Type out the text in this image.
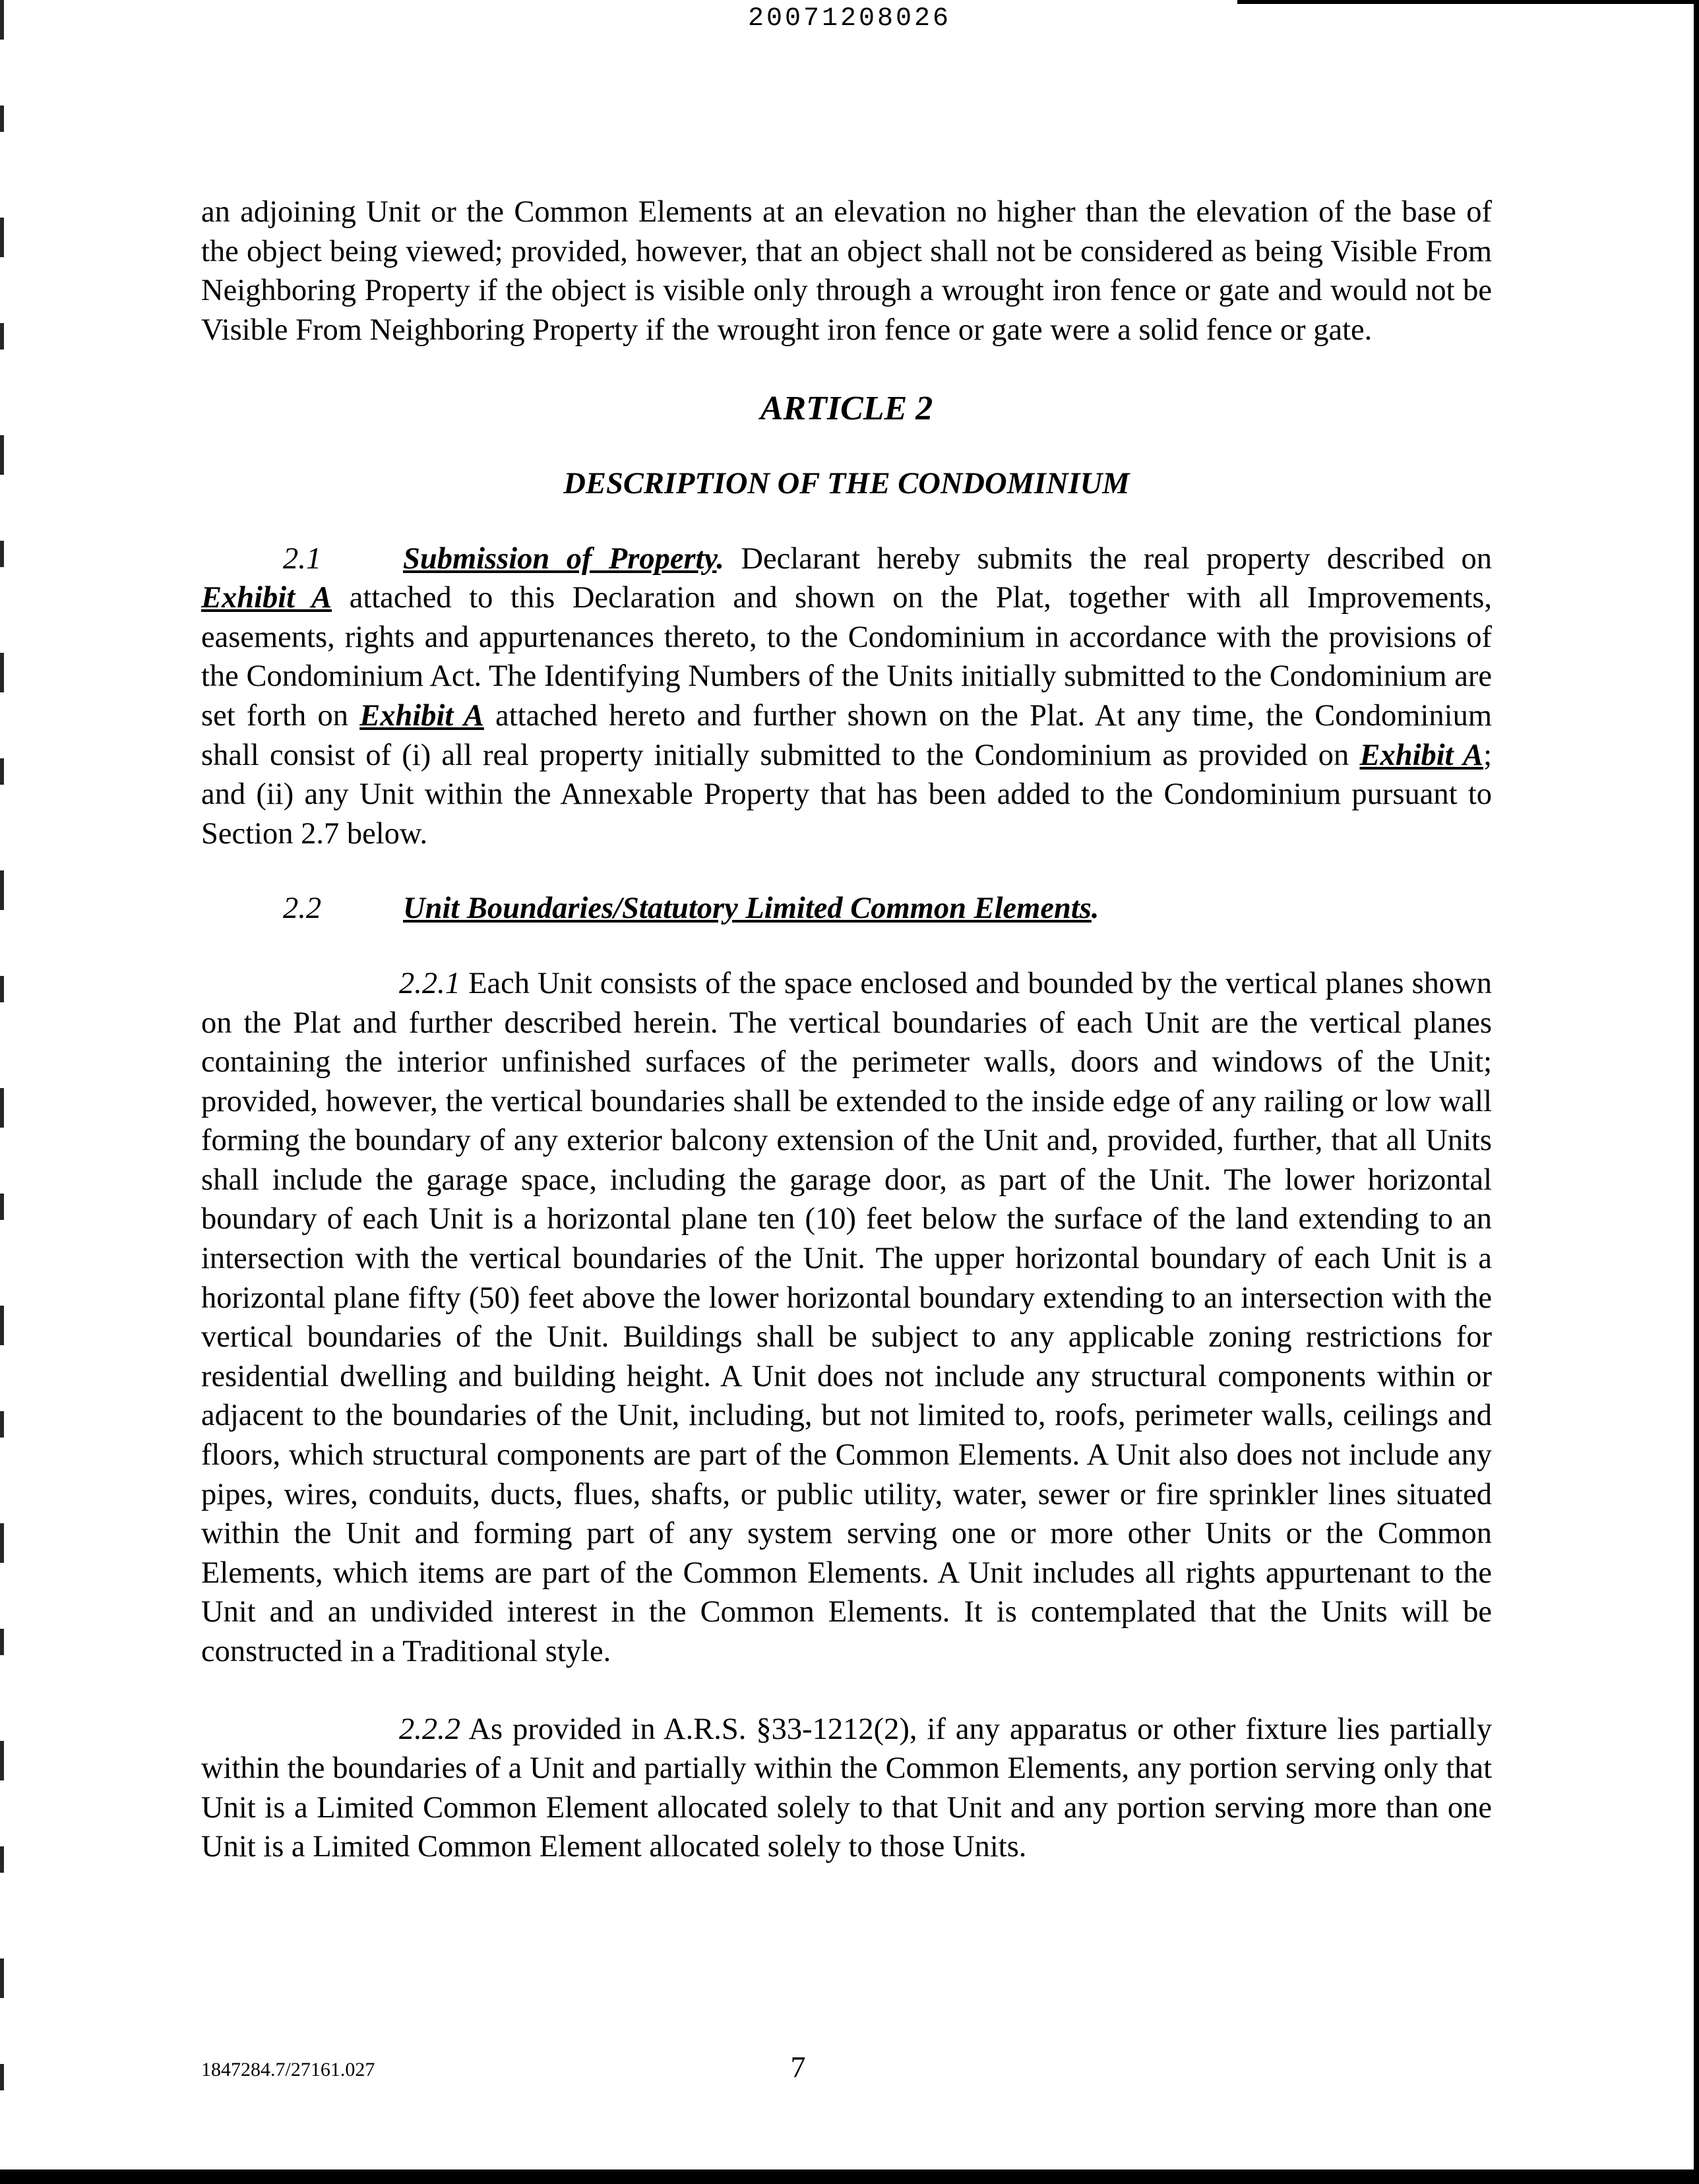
20071208026

an adjoining Unit or the Common Elements at an elevation no higher than the elevation of the base of the object being viewed; provided, however, that an object shall not be considered as being Visible From Neighboring Property if the object is visible only through a wrought iron fence or gate and would not be Visible From Neighboring Property if the wrought iron fence or gate were a solid fence or gate.

ARTICLE 2

DESCRIPTION OF THE CONDOMINIUM

2.1	Submission of Property. Declarant hereby submits the real property described on Exhibit A attached to this Declaration and shown on the Plat, together with all Improvements, easements, rights and appurtenances thereto, to the Condominium in accordance with the provisions of the Condominium Act. The Identifying Numbers of the Units initially submitted to the Condominium are set forth on Exhibit A attached hereto and further shown on the Plat. At any time, the Condominium shall consist of (i) all real property initially submitted to the Condominium as provided on Exhibit A; and (ii) any Unit within the Annexable Property that has been added to the Condominium pursuant to Section 2.7 below.

2.2	Unit Boundaries/Statutory Limited Common Elements.

2.2.1 Each Unit consists of the space enclosed and bounded by the vertical planes shown on the Plat and further described herein. The vertical boundaries of each Unit are the vertical planes containing the interior unfinished surfaces of the perimeter walls, doors and windows of the Unit; provided, however, the vertical boundaries shall be extended to the inside edge of any railing or low wall forming the boundary of any exterior balcony extension of the Unit and, provided, further, that all Units shall include the garage space, including the garage door, as part of the Unit. The lower horizontal boundary of each Unit is a horizontal plane ten (10) feet below the surface of the land extending to an intersection with the vertical boundaries of the Unit. The upper horizontal boundary of each Unit is a horizontal plane fifty (50) feet above the lower horizontal boundary extending to an intersection with the vertical boundaries of the Unit. Buildings shall be subject to any applicable zoning restrictions for residential dwelling and building height. A Unit does not include any structural components within or adjacent to the boundaries of the Unit, including, but not limited to, roofs, perimeter walls, ceilings and floors, which structural components are part of the Common Elements. A Unit also does not include any pipes, wires, conduits, ducts, flues, shafts, or public utility, water, sewer or fire sprinkler lines situated within the Unit and forming part of any system serving one or more other Units or the Common Elements, which items are part of the Common Elements. A Unit includes all rights appurtenant to the Unit and an undivided interest in the Common Elements. It is contemplated that the Units will be constructed in a Traditional style.

2.2.2 As provided in A.R.S. §33-1212(2), if any apparatus or other fixture lies partially within the boundaries of a Unit and partially within the Common Elements, any portion serving only that Unit is a Limited Common Element allocated solely to that Unit and any portion serving more than one Unit is a Limited Common Element allocated solely to those Units.

1847284.7/27161.027	7
